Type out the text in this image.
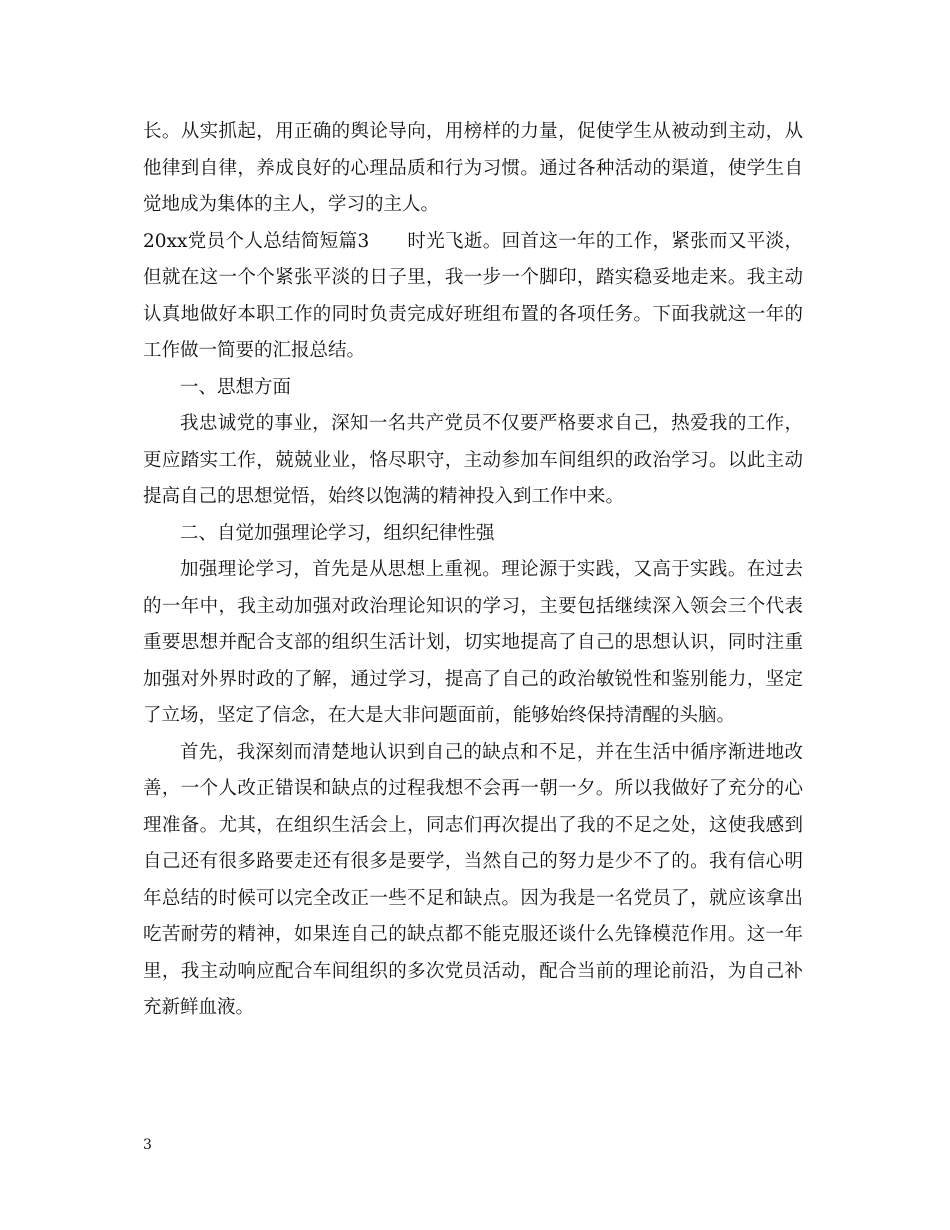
长。从实抓起，用正确的舆论导向，用榜样的力量，促使学生从被动到主动，从
他律到自律，养成良好的心理品质和行为习惯。通过各种活动的渠道，使学生自
觉地成为集体的主人，学习的主人。
20xx党员个人总结简短篇3　　时光飞逝。回首这一年的工作，紧张而又平淡，
但就在这一个个紧张平淡的日子里，我一步一个脚印，踏实稳妥地走来。我主动
认真地做好本职工作的同时负责完成好班组布置的各项任务。下面我就这一年的
工作做一简要的汇报总结。
一、思想方面
我忠诚党的事业，深知一名共产党员不仅要严格要求自己，热爱我的工作，
更应踏实工作，兢兢业业，恪尽职守，主动参加车间组织的政治学习。以此主动
提高自己的思想觉悟，始终以饱满的精神投入到工作中来。
二、自觉加强理论学习，组织纪律性强
加强理论学习，首先是从思想上重视。理论源于实践，又高于实践。在过去
的一年中，我主动加强对政治理论知识的学习，主要包括继续深入领会三个代表
重要思想并配合支部的组织生活计划，切实地提高了自己的思想认识，同时注重
加强对外界时政的了解，通过学习，提高了自己的政治敏锐性和鉴别能力，坚定
了立场，坚定了信念，在大是大非问题面前，能够始终保持清醒的头脑。
首先，我深刻而清楚地认识到自己的缺点和不足，并在生活中循序渐进地改
善，一个人改正错误和缺点的过程我想不会再一朝一夕。所以我做好了充分的心
理准备。尤其，在组织生活会上，同志们再次提出了我的不足之处，这使我感到
自己还有很多路要走还有很多是要学，当然自己的努力是少不了的。我有信心明
年总结的时候可以完全改正一些不足和缺点。因为我是一名党员了，就应该拿出
吃苦耐劳的精神，如果连自己的缺点都不能克服还谈什么先锋模范作用。这一年
里，我主动响应配合车间组织的多次党员活动，配合当前的理论前沿，为自己补
充新鲜血液。
3
